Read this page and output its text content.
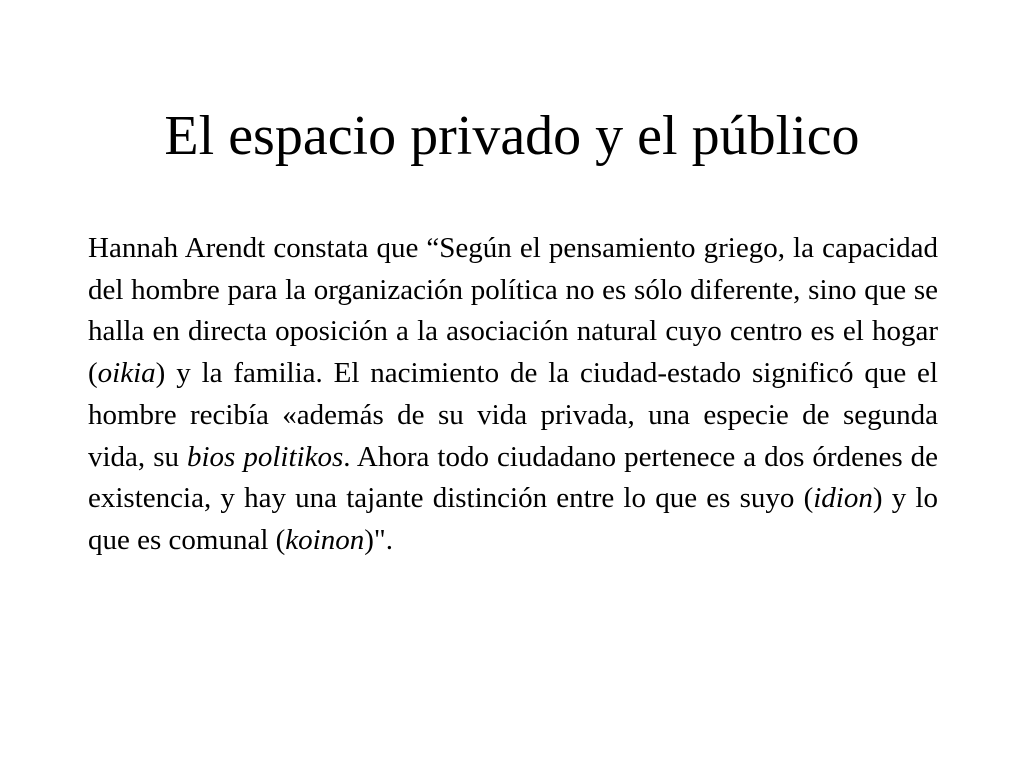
El espacio privado y el público

Hannah Arendt constata que “Según el pensamiento griego, la capacidad del hombre para la organización política no es sólo diferente, sino que se halla en directa oposición a la asociación natural cuyo centro es el hogar (oikia) y la familia. El nacimiento de la ciudad-estado significó que el hombre recibía «además de su vida privada, una especie de segunda vida, su bios politikos. Ahora todo ciudadano pertenece a dos órdenes de existencia, y hay una tajante distinción entre lo que es suyo (idion) y lo que es comunal (koinon)".
